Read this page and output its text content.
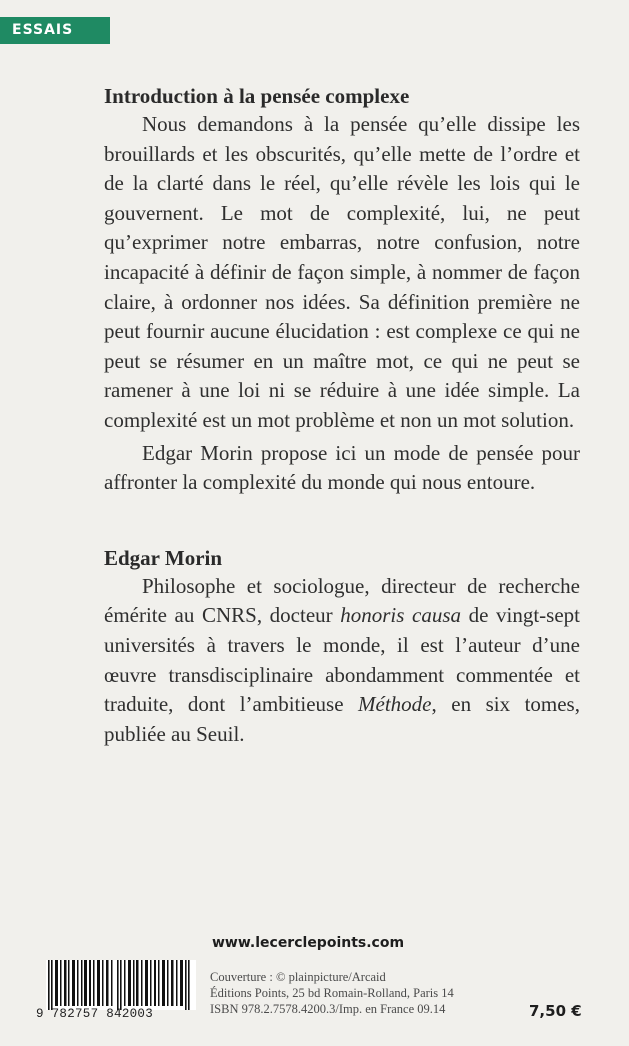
ESSAIS
Introduction à la pensée complexe

Nous demandons à la pensée qu’elle dissipe les brouillards et les obscurités, qu’elle mette de l’ordre et de la clarté dans le réel, qu’elle révèle les lois qui le gouvernent. Le mot de complexité, lui, ne peut qu’exprimer notre embarras, notre confusion, notre incapacité à définir de façon simple, à nommer de façon claire, à ordonner nos idées. Sa définition première ne peut fournir aucune élucidation : est complexe ce qui ne peut se résumer en un maître mot, ce qui ne peut se ramener à une loi ni se réduire à une idée simple. La complexité est un mot problème et non un mot solution.

Edgar Morin propose ici un mode de pensée pour affronter la complexité du monde qui nous entoure.

Edgar Morin

Philosophe et sociologue, directeur de recherche émérite au CNRS, docteur honoris causa de vingt-sept universités à travers le monde, il est l’auteur d’une œuvre transdisciplinaire abondamment commentée et traduite, dont l’ambitieuse Méthode, en six tomes, publiée au Seuil.

www.lecerclepoints.com
9 782757 842003
Couverture : © plainpicture/Arcaid
Éditions Points, 25 bd Romain-Rolland, Paris 14
ISBN 978.2.7578.4200.3/Imp. en France 09.14	7,50 €
